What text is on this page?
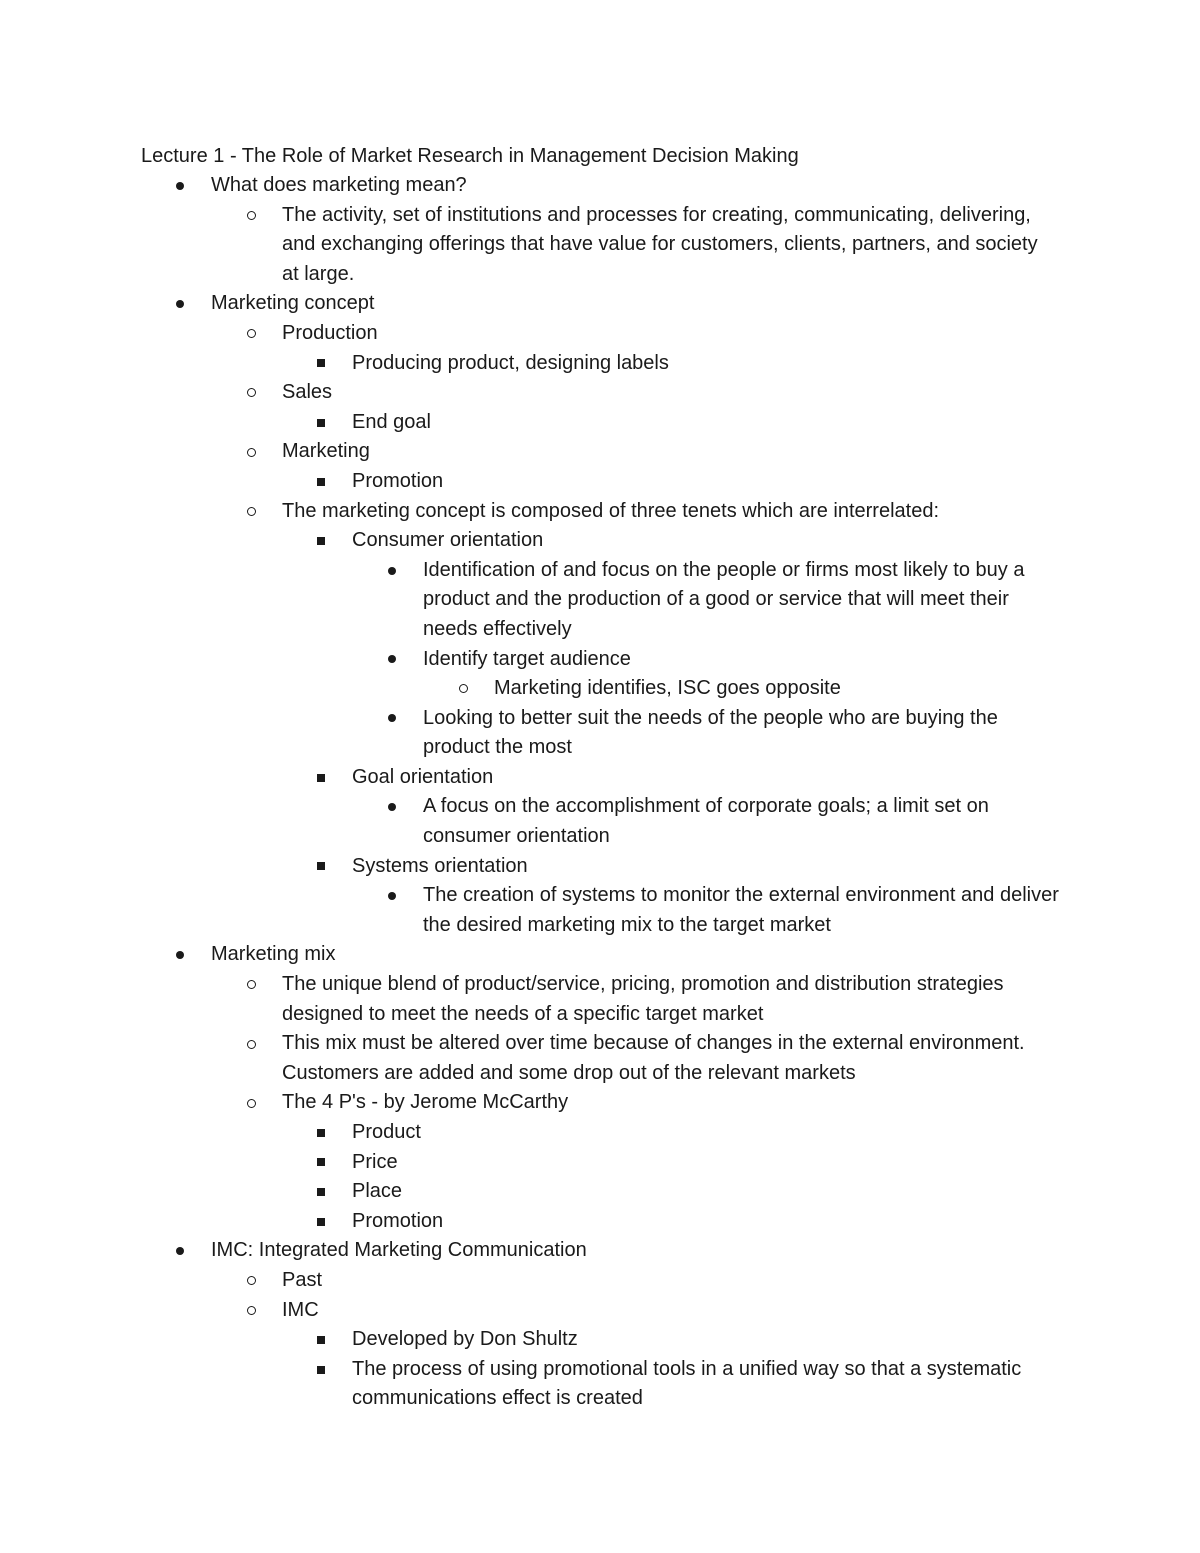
Lecture 1 - The Role of Market Research in Management Decision Making
What does marketing mean?
The activity, set of institutions and processes for creating, communicating, delivering, and exchanging offerings that have value for customers, clients, partners, and society at large.
Marketing concept
Production
Producing product, designing labels
Sales
End goal
Marketing
Promotion
The marketing concept is composed of three tenets which are interrelated:
Consumer orientation
Identification of and focus on the people or firms most likely to buy a product and the production of a good or service that will meet their needs effectively
Identify target audience
Marketing identifies, ISC goes opposite
Looking to better suit the needs of the people who are buying the product the most
Goal orientation
A focus on the accomplishment of corporate goals; a limit set on consumer orientation
Systems orientation
The creation of systems to monitor the external environment and deliver the desired marketing mix to the target market
Marketing mix
The unique blend of product/service, pricing, promotion and distribution strategies designed to meet the needs of a specific target market
This mix must be altered over time because of changes in the external environment. Customers are added and some drop out of the relevant markets
The 4 P's - by Jerome McCarthy
Product
Price
Place
Promotion
IMC: Integrated Marketing Communication
Past
IMC
Developed by Don Shultz
The process of using promotional tools in a unified way so that a systematic communications effect is created
